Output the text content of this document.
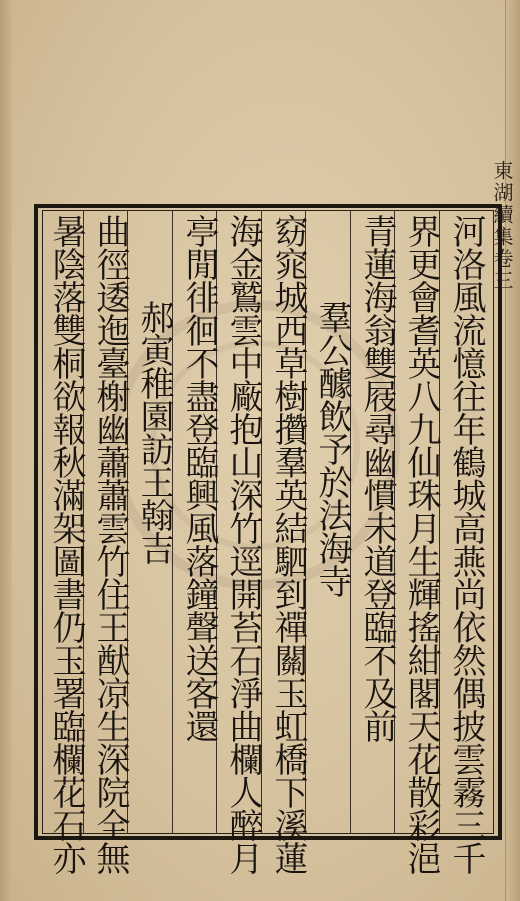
東湖續集卷三
河洛風流憶往年鶴城高燕尚依然偶披雲霧三千
界更會耆英八九仙珠月生輝搖紺閣天花散彩浥
青蓮海翁雙屐尋幽慣未道登臨不及前
羣公醵飲予於法海寺
窈窕城西草樹攢羣英結駟到禪關玉虹橋下溪蓮
海金鷲雲中廠抱山深竹逕開苔石淨曲欄人醉月
亭閒徘徊不盡登臨興風落鐘聲送客還
郝寅稚園訪王翰吉
曲徑逶迤臺榭幽蕭蕭雲竹住王猷凉生深院全無
暑陰落雙桐欲報秋滿架圖書仍玉署臨欄花石亦
